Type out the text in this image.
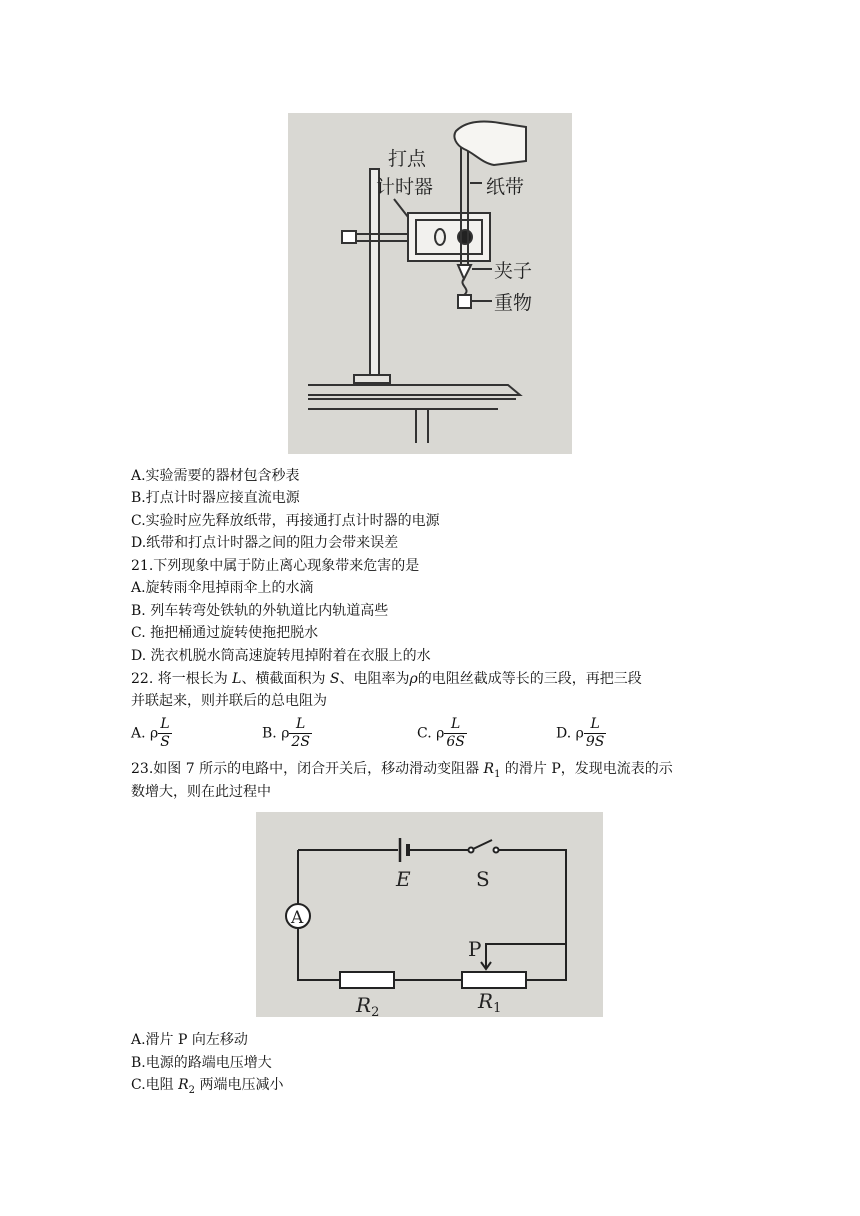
打点
计时器	纸带
夹子
重物
A.实验需要的器材包含秒表
B.打点计时器应接直流电源
C.实验时应先释放纸带，再接通打点计时器的电源
D.纸带和打点计时器之间的阻力会带来误差
21.下列现象中属于防止离心现象带来危害的是
A.旋转雨伞甩掉雨伞上的水滴
B. 列车转弯处铁轨的外轨道比内轨道高些
C. 拖把桶通过旋转使拖把脱水
D. 洗衣机脱水筒高速旋转甩掉附着在衣服上的水
22. 将一根长为 L、横截面积为 S、电阻率为ρ的电阻丝截成等长的三段，再把三段
并联起来，则并联后的总电阻为
A. ρ $\frac{L}{S}$	B. ρ $\frac{L}{2S}$	C. ρ $\frac{L}{6S}$	D. ρ $\frac{L}{9S}$
23.如图 7 所示的电路中，闭合开关后，移动滑动变阻器 $R_1$ 的滑片 P，发现电流表的示
数增大，则在此过程中
E	S
A
P
$R_2$	$R_1$
A.滑片 P 向左移动
B.电源的路端电压增大
C.电阻 $R_2$ 两端电压减小
